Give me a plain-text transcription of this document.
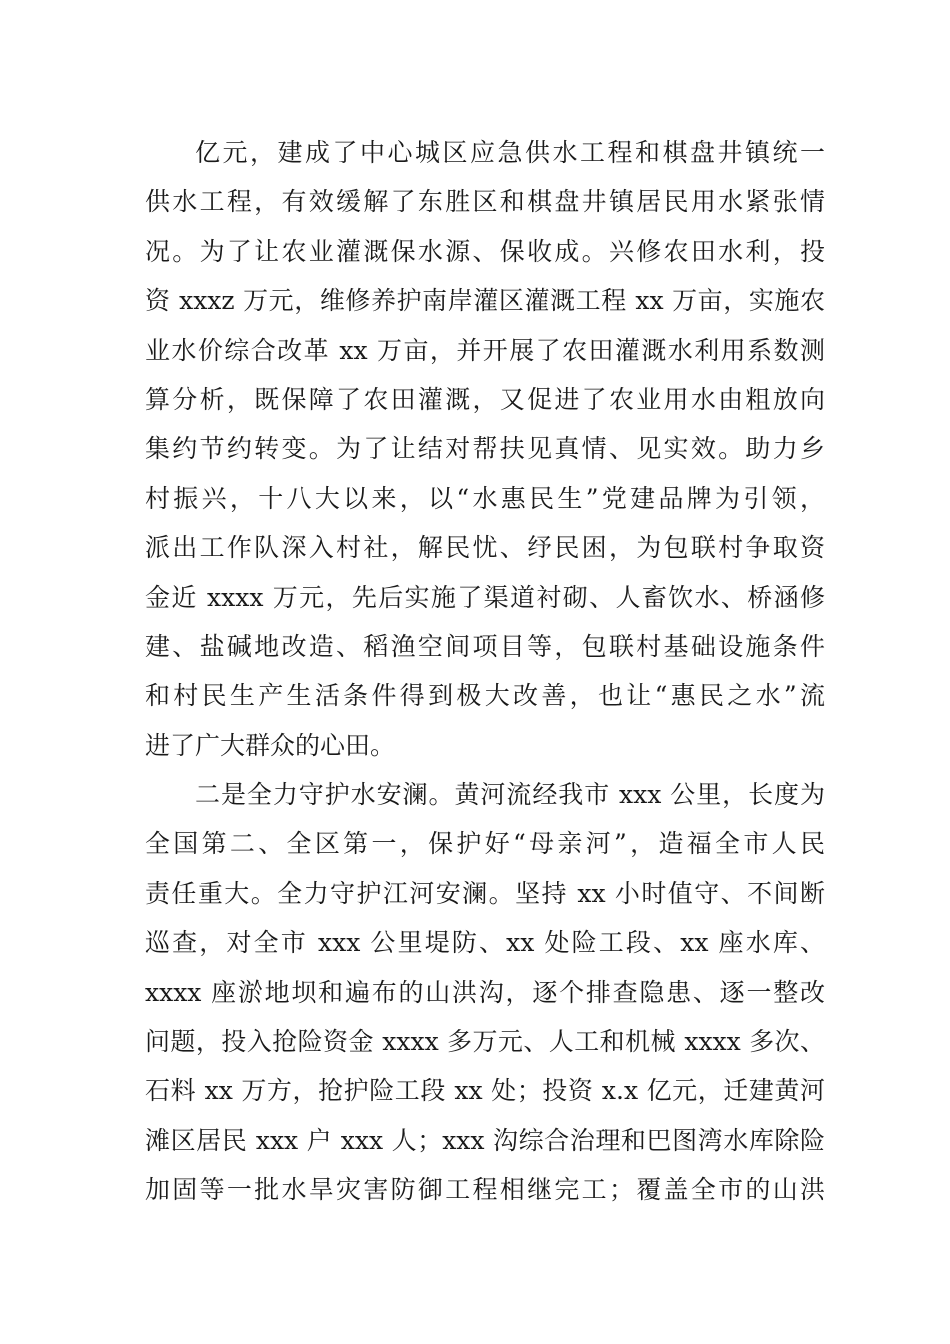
亿元，建成了中心城区应急供水工程和棋盘井镇统一
供水工程，有效缓解了东胜区和棋盘井镇居民用水紧张情
况。为了让农业灌溉保水源、保收成。兴修农田水利，投
资 xxxz 万元，维修养护南岸灌区灌溉工程 xx 万亩，实施农
业水价综合改革 xx 万亩，并开展了农田灌溉水利用系数测
算分析，既保障了农田灌溉，又促进了农业用水由粗放向
集约节约转变。为了让结对帮扶见真情、见实效。助力乡
村振兴，十八大以来，以“水惠民生”党建品牌为引领，
派出工作队深入村社，解民忧、纾民困，为包联村争取资
金近 xxxx 万元，先后实施了渠道衬砌、人畜饮水、桥涵修
建、盐碱地改造、稻渔空间项目等，包联村基础设施条件
和村民生产生活条件得到极大改善，也让“惠民之水”流
进了广大群众的心田。
二是全力守护水安澜。黄河流经我市 xxx 公里，长度为
全国第二、全区第一，保护好“母亲河”，造福全市人民
责任重大。全力守护江河安澜。坚持 xx 小时值守、不间断
巡查，对全市 xxx 公里堤防、xx 处险工段、xx 座水库、
xxxx 座淤地坝和遍布的山洪沟，逐个排查隐患、逐一整改
问题，投入抢险资金 xxxx 多万元、人工和机械 xxxx 多次、
石料 xx 万方，抢护险工段 xx 处；投资 x.x 亿元，迁建黄河
滩区居民 xxx 户 xxx 人；xxx 沟综合治理和巴图湾水库除险
加固等一批水旱灾害防御工程相继完工；覆盖全市的山洪
